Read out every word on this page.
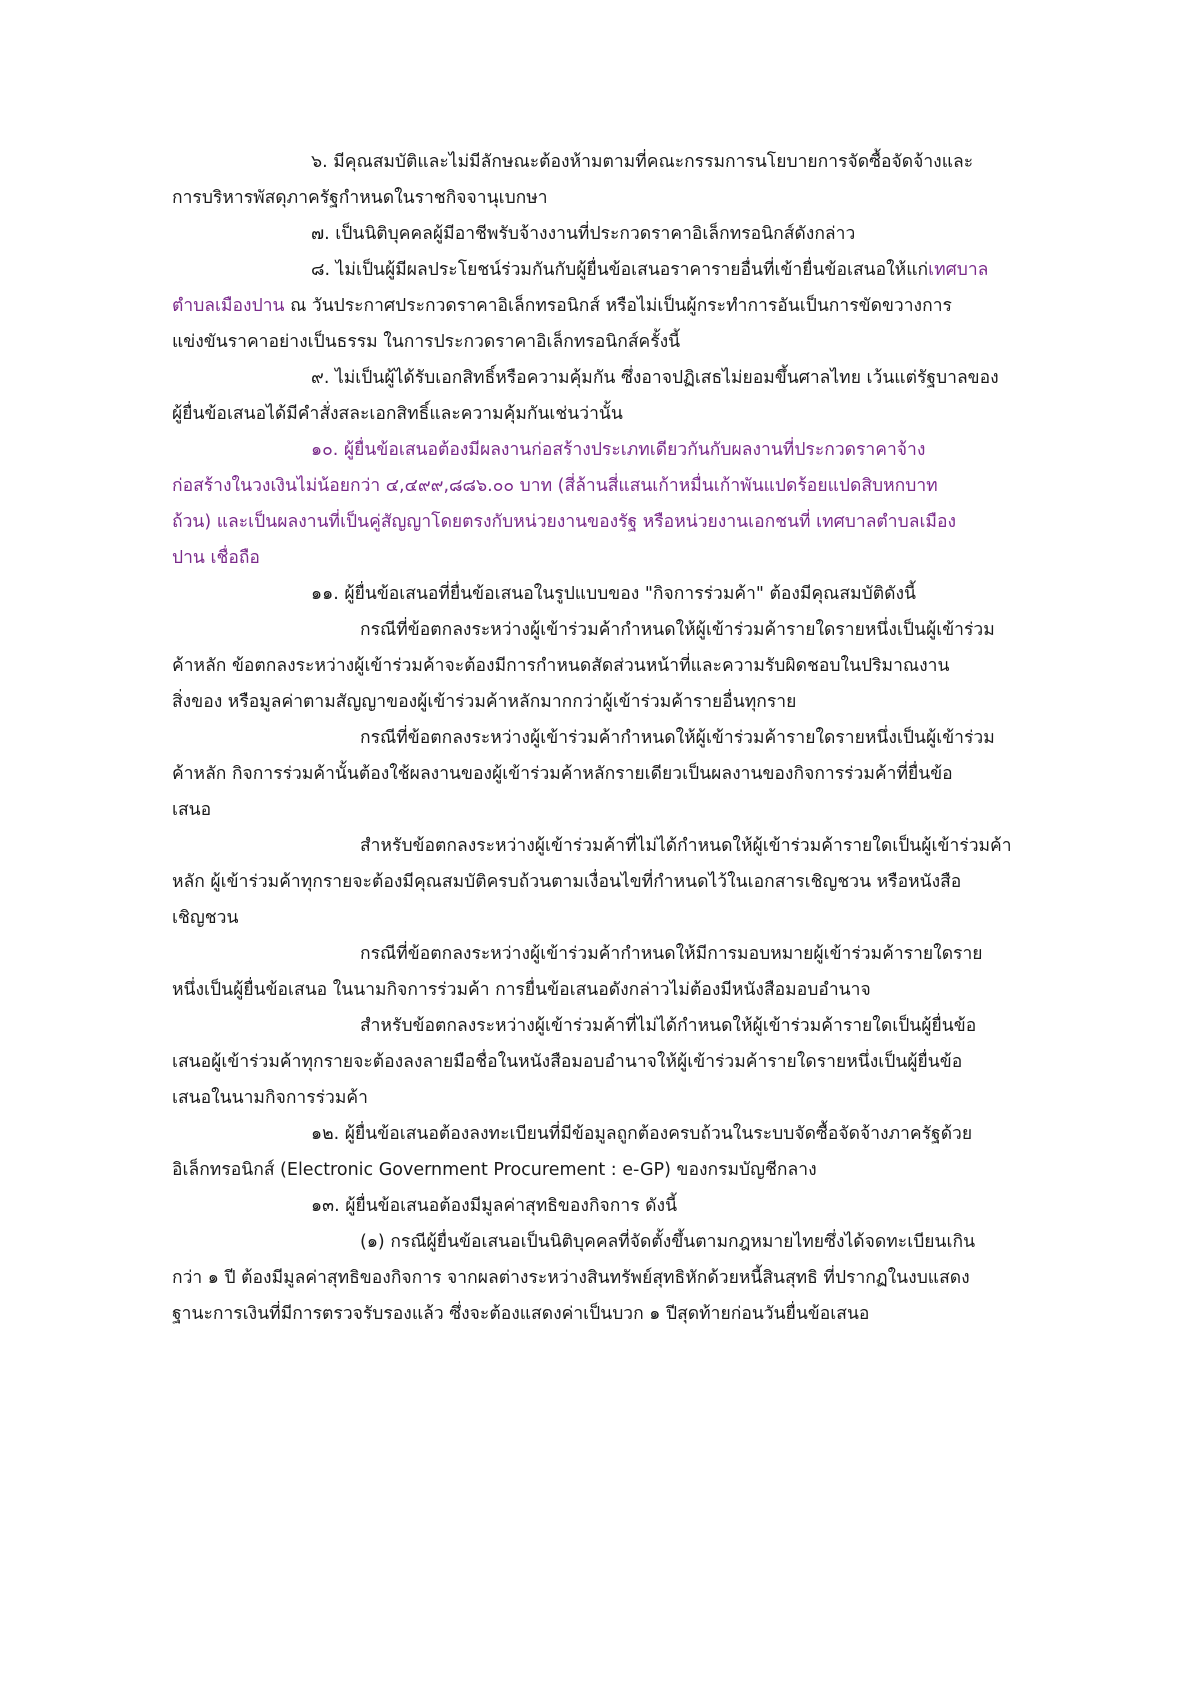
๖. มีคุณสมบัติและไม่มีลักษณะต้องห้ามตามที่คณะกรรมการนโยบายการจัดซื้อจัดจ้างและ
การบริหารพัสดุภาครัฐกำหนดในราชกิจจานุเบกษา
๗. เป็นนิติบุคคลผู้มีอาชีพรับจ้างงานที่ประกวดราคาอิเล็กทรอนิกส์ดังกล่าว
๘. ไม่เป็นผู้มีผลประโยชน์ร่วมกันกับผู้ยื่นข้อเสนอราคารายอื่นที่เข้ายื่นข้อเสนอให้แก่เทศบาล
ตำบลเมืองปาน ณ วันประกาศประกวดราคาอิเล็กทรอนิกส์ หรือไม่เป็นผู้กระทำการอันเป็นการขัดขวางการ
แข่งขันราคาอย่างเป็นธรรม ในการประกวดราคาอิเล็กทรอนิกส์ครั้งนี้
๙. ไม่เป็นผู้ได้รับเอกสิทธิ์หรือความคุ้มกัน ซึ่งอาจปฏิเสธไม่ยอมขึ้นศาลไทย เว้นแต่รัฐบาลของ
ผู้ยื่นข้อเสนอได้มีคำสั่งสละเอกสิทธิ์และความคุ้มกันเช่นว่านั้น
๑๐. ผู้ยื่นข้อเสนอต้องมีผลงานก่อสร้างประเภทเดียวกันกับผลงานที่ประกวดราคาจ้าง
ก่อสร้างในวงเงินไม่น้อยกว่า ๔,๔๙๙,๘๘๖.๐๐ บาท (สี่ล้านสี่แสนเก้าหมื่นเก้าพันแปดร้อยแปดสิบหกบาท
ถ้วน) และเป็นผลงานที่เป็นคู่สัญญาโดยตรงกับหน่วยงานของรัฐ หรือหน่วยงานเอกชนที่ เทศบาลตำบลเมือง
ปาน เชื่อถือ
๑๑. ผู้ยื่นข้อเสนอที่ยื่นข้อเสนอในรูปแบบของ "กิจการร่วมค้า" ต้องมีคุณสมบัติดังนี้
กรณีที่ข้อตกลงระหว่างผู้เข้าร่วมค้ากำหนดให้ผู้เข้าร่วมค้ารายใดรายหนึ่งเป็นผู้เข้าร่วม
ค้าหลัก ข้อตกลงระหว่างผู้เข้าร่วมค้าจะต้องมีการกำหนดสัดส่วนหน้าที่และความรับผิดชอบในปริมาณงาน
สิ่งของ หรือมูลค่าตามสัญญาของผู้เข้าร่วมค้าหลักมากกว่าผู้เข้าร่วมค้ารายอื่นทุกราย
กรณีที่ข้อตกลงระหว่างผู้เข้าร่วมค้ากำหนดให้ผู้เข้าร่วมค้ารายใดรายหนึ่งเป็นผู้เข้าร่วม
ค้าหลัก กิจการร่วมค้านั้นต้องใช้ผลงานของผู้เข้าร่วมค้าหลักรายเดียวเป็นผลงานของกิจการร่วมค้าที่ยื่นข้อ
เสนอ
สำหรับข้อตกลงระหว่างผู้เข้าร่วมค้าที่ไม่ได้กำหนดให้ผู้เข้าร่วมค้ารายใดเป็นผู้เข้าร่วมค้า
หลัก ผู้เข้าร่วมค้าทุกรายจะต้องมีคุณสมบัติครบถ้วนตามเงื่อนไขที่กำหนดไว้ในเอกสารเชิญชวน หรือหนังสือ
เชิญชวน
กรณีที่ข้อตกลงระหว่างผู้เข้าร่วมค้ากำหนดให้มีการมอบหมายผู้เข้าร่วมค้ารายใดราย
หนึ่งเป็นผู้ยื่นข้อเสนอ ในนามกิจการร่วมค้า การยื่นข้อเสนอดังกล่าวไม่ต้องมีหนังสือมอบอำนาจ
สำหรับข้อตกลงระหว่างผู้เข้าร่วมค้าที่ไม่ได้กำหนดให้ผู้เข้าร่วมค้ารายใดเป็นผู้ยื่นข้อ
เสนอผู้เข้าร่วมค้าทุกรายจะต้องลงลายมือชื่อในหนังสือมอบอำนาจให้ผู้เข้าร่วมค้ารายใดรายหนึ่งเป็นผู้ยื่นข้อ
เสนอในนามกิจการร่วมค้า
๑๒. ผู้ยื่นข้อเสนอต้องลงทะเบียนที่มีข้อมูลถูกต้องครบถ้วนในระบบจัดซื้อจัดจ้างภาครัฐด้วย
อิเล็กทรอนิกส์ (Electronic Government Procurement : e-GP) ของกรมบัญชีกลาง
๑๓. ผู้ยื่นข้อเสนอต้องมีมูลค่าสุทธิของกิจการ ดังนี้
(๑) กรณีผู้ยื่นข้อเสนอเป็นนิติบุคคลที่จัดตั้งขึ้นตามกฎหมายไทยซึ่งได้จดทะเบียนเกิน
กว่า ๑ ปี ต้องมีมูลค่าสุทธิของกิจการ จากผลต่างระหว่างสินทรัพย์สุทธิหักด้วยหนี้สินสุทธิ ที่ปรากฏในงบแสดง
ฐานะการเงินที่มีการตรวจรับรองแล้ว ซึ่งจะต้องแสดงค่าเป็นบวก ๑ ปีสุดท้ายก่อนวันยื่นข้อเสนอ
